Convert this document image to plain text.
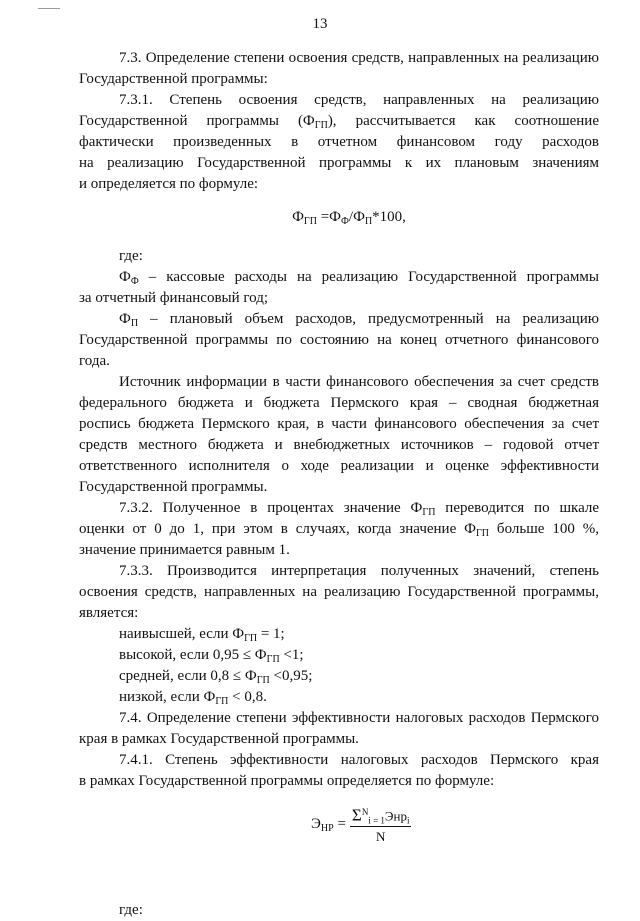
13

7.3. Определение степени освоения средств, направленных на реализацию

Государственной программы:

7.3.1. Степень освоения средств, направленных на реализацию

Государственной программы $(Ф_{ГП})$, рассчитывается как соотношение

фактически произведенных в отчетном финансовом году расходов

на реализацию Государственной программы к их плановым значениям

и определяется по формуле:

$Ф_{ГП} =Ф_Ф/Ф_П*100$,

где:

$Ф_Ф$ – кассовые расходы на реализацию Государственной программы

за отчетный финансовый год;

$Ф_П$ – плановый объем расходов, предусмотренный на реализацию

Государственной программы по состоянию на конец отчетного финансового

года.

Источник информации в части финансового обеспечения за счет средств

федерального бюджета и бюджета Пермского края – сводная бюджетная

роспись бюджета Пермского края, в части финансового обеспечения за счет

средств местного бюджета и внебюджетных источников – годовой отчет

ответственного исполнителя о ходе реализации и оценке эффективности

Государственной программы.

7.3.2. Полученное в процентах значение $Ф_{ГП}$ переводится по шкале

оценки от 0 до 1, при этом в случаях, когда значение $Ф_{ГП}$ больше 100 %,

значение принимается равным 1.

7.3.3. Производится интерпретация полученных значений, степень

освоения средств, направленных на реализацию Государственной программы,

является:

наивысшей, если $Ф_{ГП} = 1$;

высокой, если $0,95 \le Ф_{ГП} <1$;

средней, если $0,8 \le Ф_{ГП} <0,95$;

низкой, если $Ф_{ГП} < 0,8$.

7.4. Определение степени эффективности налоговых расходов Пермского

края в рамках Государственной программы.

7.4.1. Степень эффективности налоговых расходов Пермского края

в рамках Государственной программы определяется по формуле:

$Э_{НР} = \frac{\Sigma^N_{i = 1}Энр_i}{N}$

где:
